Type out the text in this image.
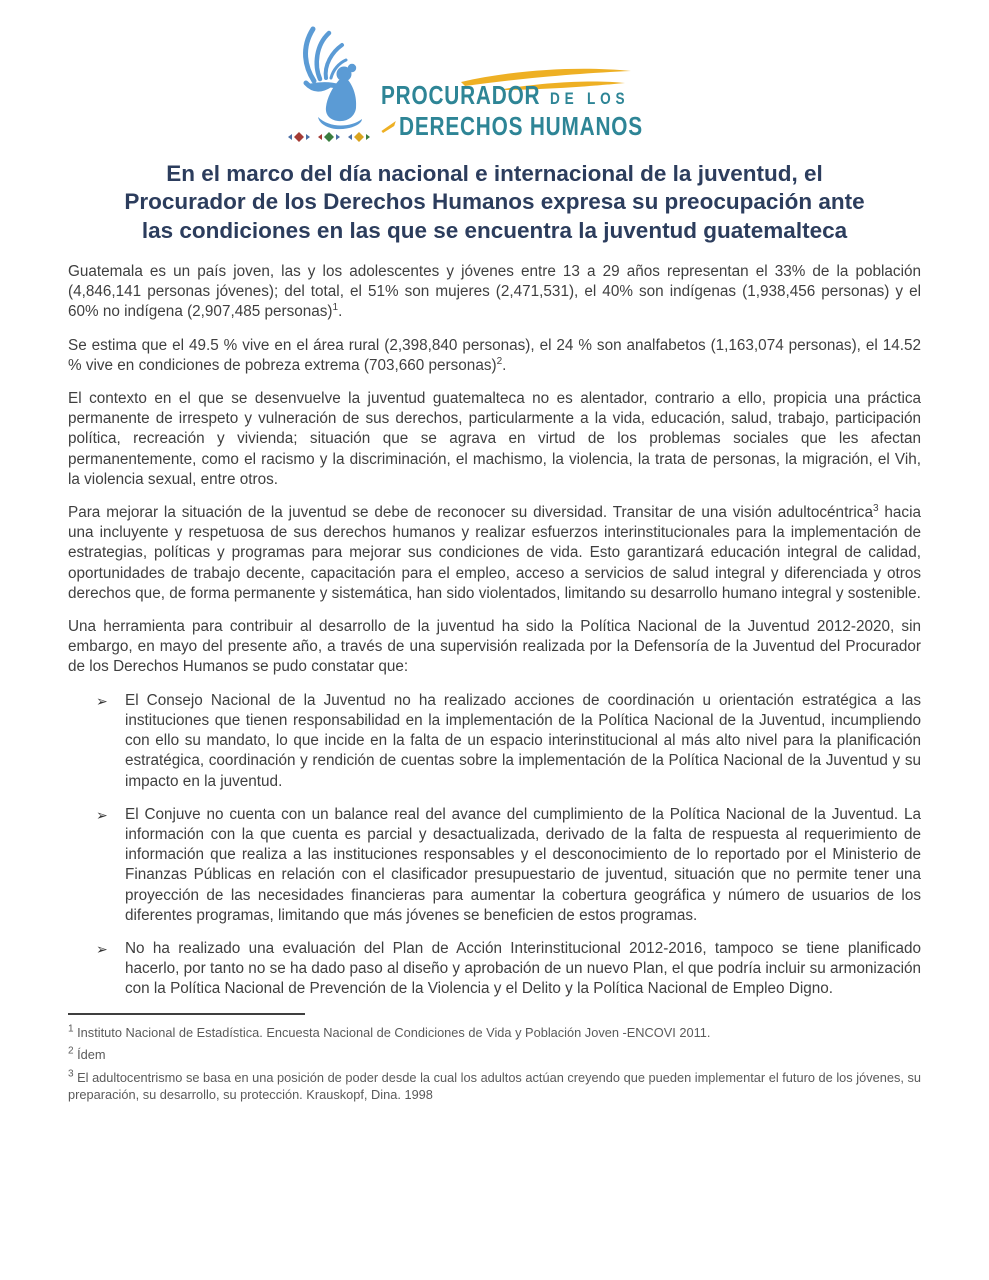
PROCURADOR DE LOS
DERECHOS HUMANOS
En el marco del día nacional e internacional de la juventud, el
Procurador de los Derechos Humanos expresa su preocupación ante
las condiciones en las que se encuentra la juventud guatemalteca

Guatemala es un país joven, las y los adolescentes y jóvenes entre 13 a 29 años representan el 33% de la población (4,846,141 personas jóvenes); del total, el 51% son mujeres (2,471,531), el 40% son indígenas (1,938,456 personas) y el 60% no indígena (2,907,485 personas)$^1$.

Se estima que el 49.5 % vive en el área rural (2,398,840 personas), el 24 % son analfabetos (1,163,074 personas), el 14.52 % vive en condiciones de pobreza extrema (703,660 personas)$^2$.

El contexto en el que se desenvuelve la juventud guatemalteca no es alentador, contrario a ello, propicia una práctica permanente de irrespeto y vulneración de sus derechos, particularmente a la vida, educación, salud, trabajo, participación política, recreación y vivienda; situación que se agrava en virtud de los problemas sociales que les afectan permanentemente, como el racismo y la discriminación, el machismo, la violencia, la trata de personas, la migración, el Vih, la violencia sexual, entre otros.

Para mejorar la situación de la juventud se debe de reconocer su diversidad. Transitar de una visión adultocéntrica$^3$ hacia una incluyente y respetuosa de sus derechos humanos y realizar esfuerzos interinstitucionales para la implementación de estrategias, políticas y programas para mejorar sus condiciones de vida. Esto garantizará educación integral de calidad, oportunidades de trabajo decente, capacitación para el empleo, acceso a servicios de salud integral y diferenciada y otros derechos que, de forma permanente y sistemática, han sido violentados, limitando su desarrollo humano integral y sostenible.

Una herramienta para contribuir al desarrollo de la juventud ha sido la Política Nacional de la Juventud 2012-2020, sin embargo, en mayo del presente año, a través de una supervisión realizada por la Defensoría de la Juventud del Procurador de los Derechos Humanos se pudo constatar que:

➢ El Consejo Nacional de la Juventud no ha realizado acciones de coordinación u orientación estratégica a las instituciones que tienen responsabilidad en la implementación de la Política Nacional de la Juventud, incumpliendo con ello su mandato, lo que incide en la falta de un espacio interinstitucional al más alto nivel para la planificación estratégica, coordinación y rendición de cuentas sobre la implementación de la Política Nacional de la Juventud y su impacto en la juventud.
➢ El Conjuve no cuenta con un balance real del avance del cumplimiento de la Política Nacional de la Juventud. La información con la que cuenta es parcial y desactualizada, derivado de la falta de respuesta al requerimiento de información que realiza a las instituciones responsables y el desconocimiento de lo reportado por el Ministerio de Finanzas Públicas en relación con el clasificador presupuestario de juventud, situación que no permite tener una proyección de las necesidades financieras para aumentar la cobertura geográfica y número de usuarios de los diferentes programas, limitando que más jóvenes se beneficien de estos programas.
➢ No ha realizado una evaluación del Plan de Acción Interinstitucional 2012-2016, tampoco se tiene planificado hacerlo, por tanto no se ha dado paso al diseño y aprobación de un nuevo Plan, el que podría incluir su armonización con la Política Nacional de Prevención de la Violencia y el Delito y la Política Nacional de Empleo Digno.

$^1$ Instituto Nacional de Estadística. Encuesta Nacional de Condiciones de Vida y Población Joven -ENCOVI 2011.

$^2$ Ídem

$^3$ El adultocentrismo se basa en una posición de poder desde la cual los adultos actúan creyendo que pueden implementar el futuro de los jóvenes, su preparación, su desarrollo, su protección. Krauskopf, Dina. 1998
